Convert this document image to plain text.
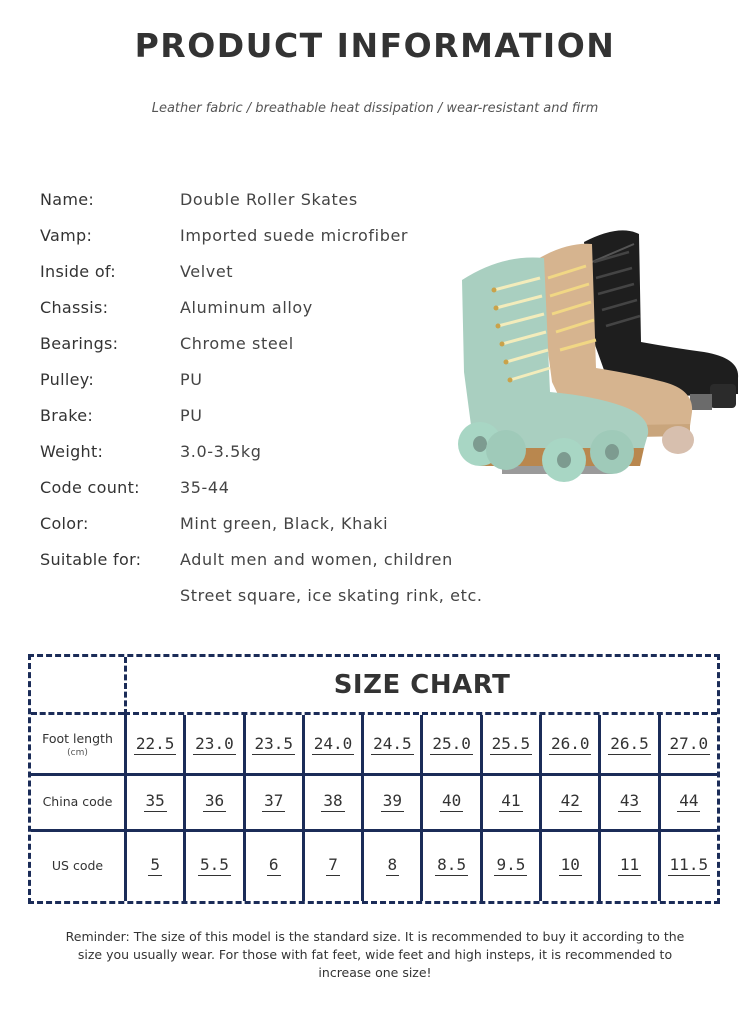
PRODUCT INFORMATION
Leather fabric / breathable heat dissipation / wear-resistant and firm
Name:	Double Roller Skates
Vamp:	Imported suede microfiber
Inside of:	Velvet
Chassis:	Aluminum alloy
Bearings:	Chrome steel
Pulley:	PU
Brake:	PU
Weight:	3.0-3.5kg
Code count:	35-44
Color:	Mint green, Black, Khaki
Suitable for:	Adult men and women, children
Street square, ice skating rink, etc.
SIZE CHART
Foot length
(cm)	22.5 23.0 23.5 24.0 24.5 25.0 25.5 26.0 26.5 27.0
China code	35	36	37	38	39	40	41	42	43	44
US code	5	5.5	6	7	8	8.5 9.5 10	11 11.5
Reminder: The size of this model is the standard size. It is recommended to buy it according to the size you usually wear. For those with fat feet, wide feet and high insteps, it is recommended to increase one size!
